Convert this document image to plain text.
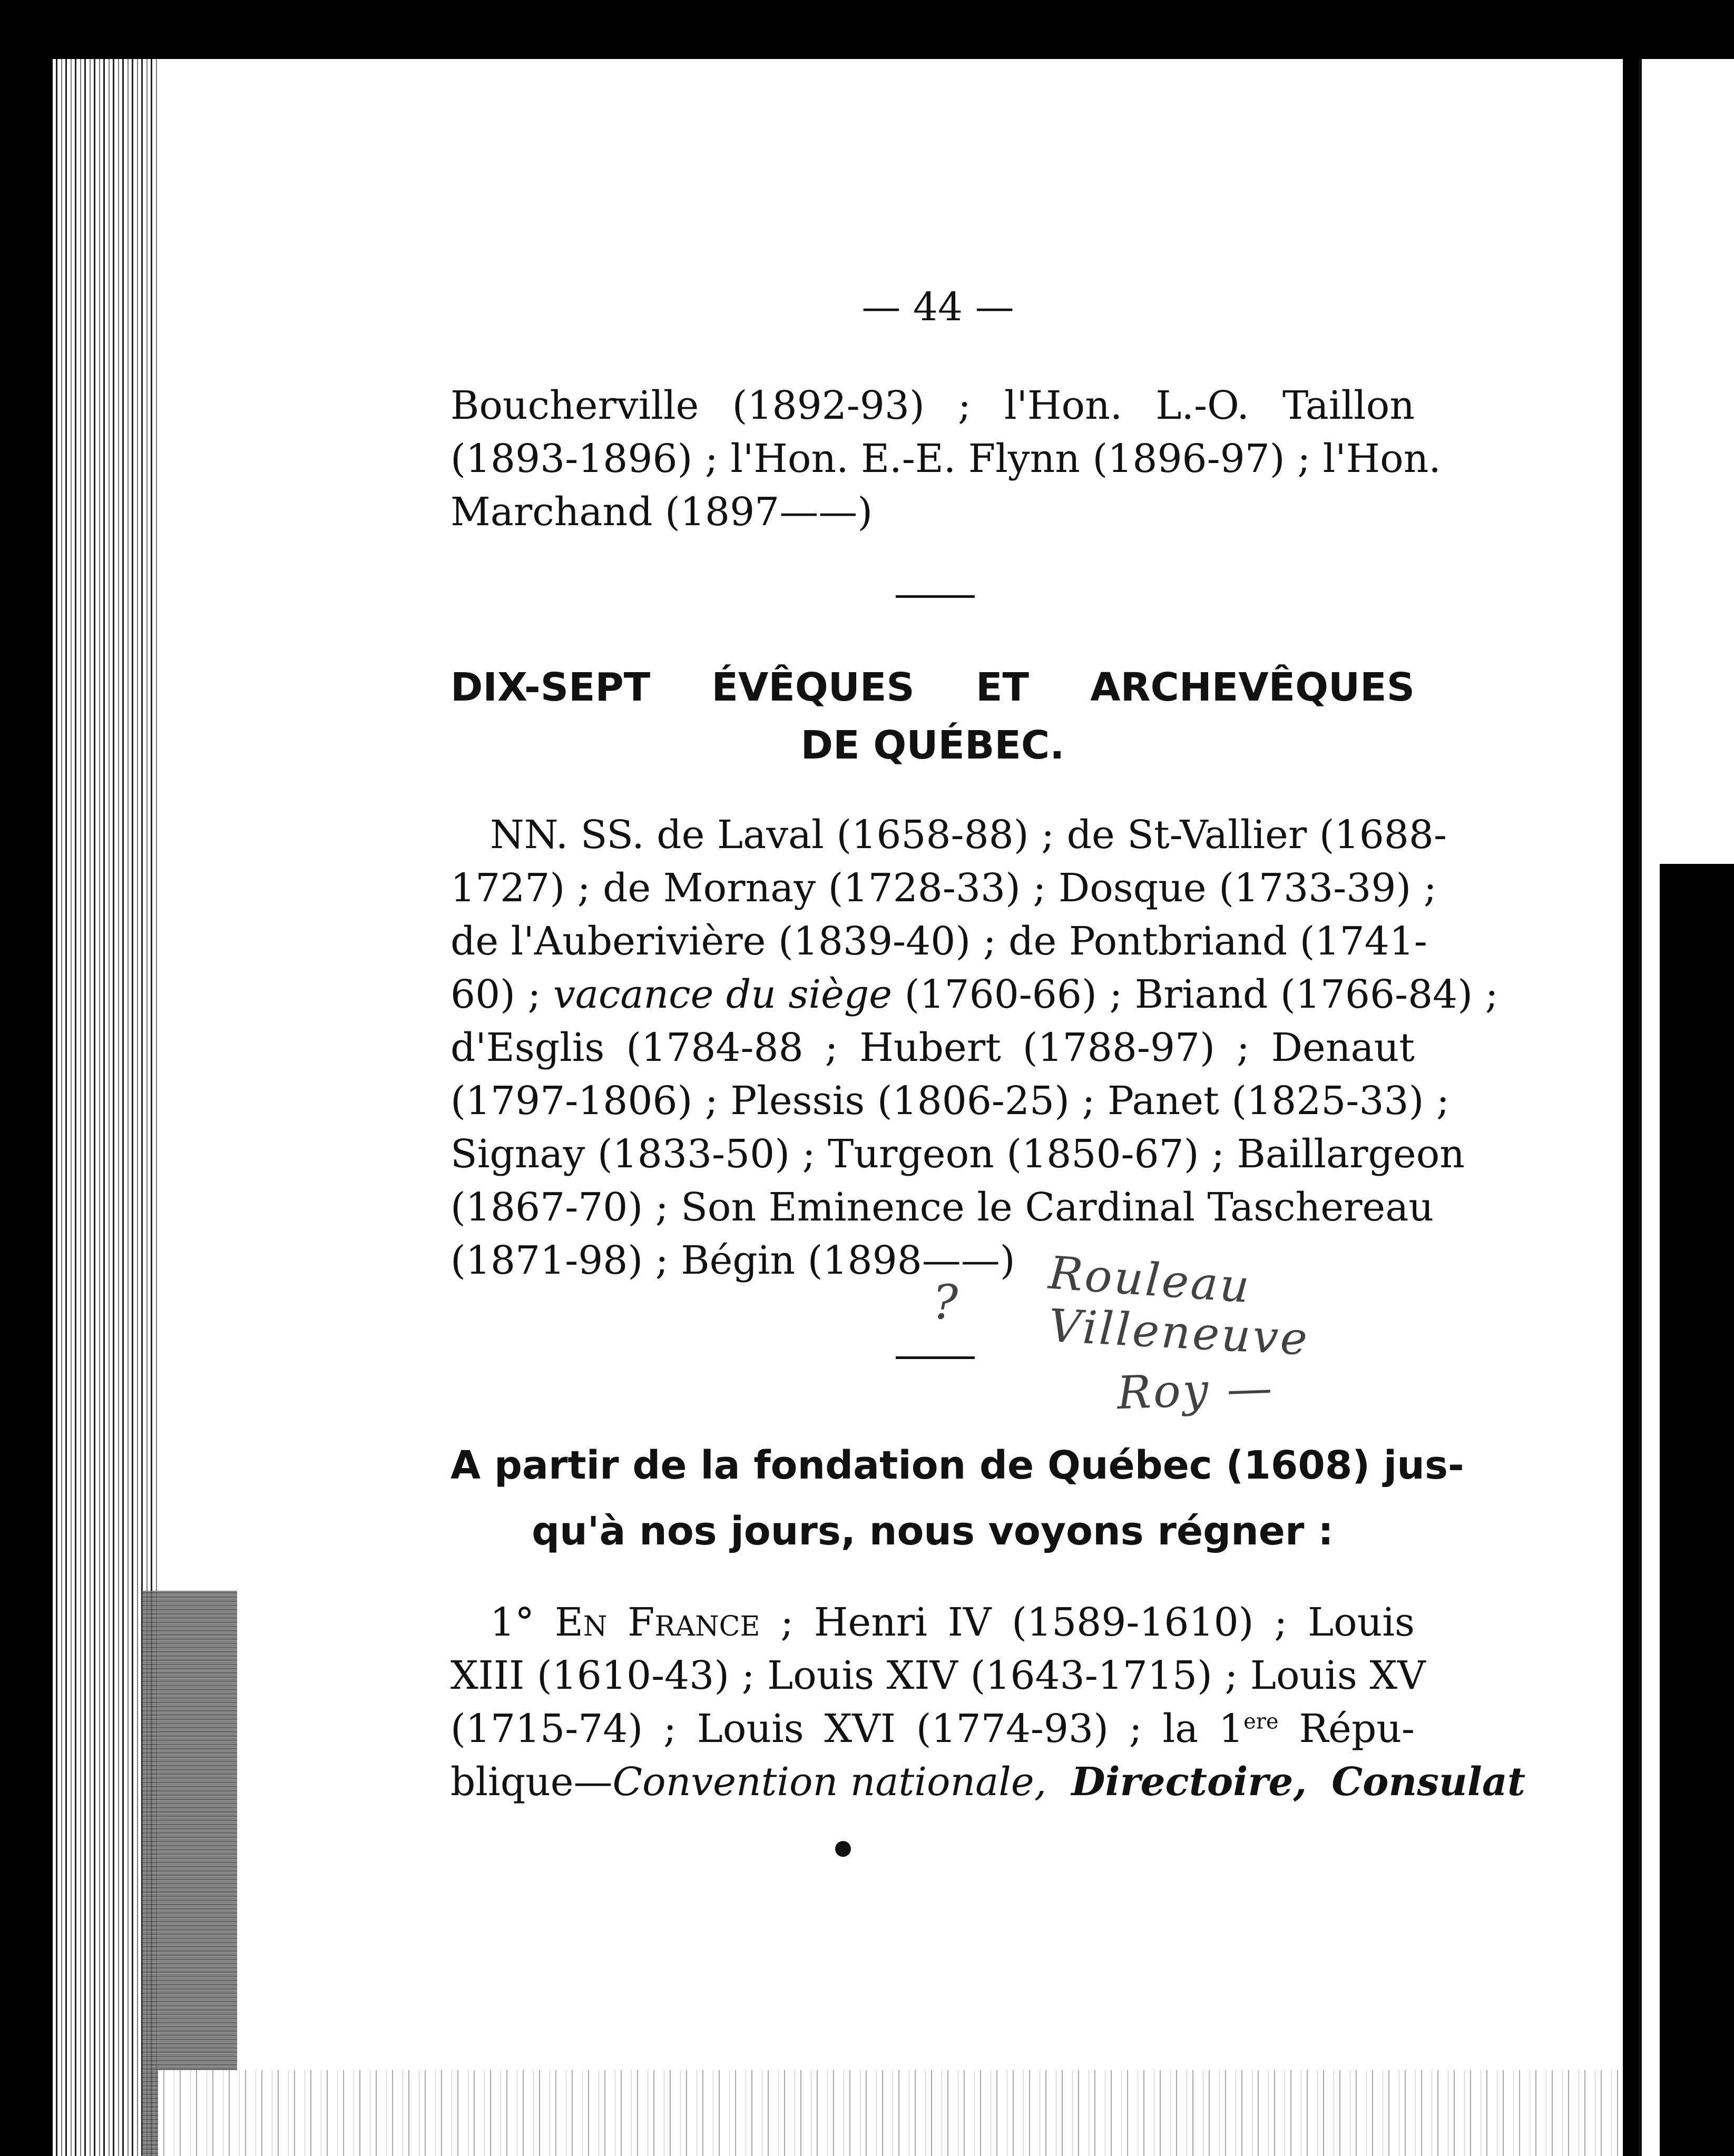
— 44 —

Boucherville (1892-93) ; l'Hon. L.-O. Taillon
(1893-1896) ; l'Hon. E.-E. Flynn (1896-97) ; l'Hon.
Marchand (1897——)

DIX-SEPT ÉVÊQUES ET ARCHEVÊQUES
DE QUÉBEC.

NN. SS. de Laval (1658-88) ; de St-Vallier (1688-

1727) ; de Mornay (1728-33) ; Dosque (1733-39) ;
de l'Auberivière (1839-40) ; de Pontbriand (1741-
60) ; vacance du siège (1760-66) ; Briand (1766-84) ;
d'Esglis (1784-88 ; Hubert (1788-97) ; Denaut
(1797-1806) ; Plessis (1806-25) ; Panet (1825-33) ;
Signay (1833-50) ; Turgeon (1850-67) ; Baillargeon
(1867-70) ; Son Eminence le Cardinal Taschereau
(1871-98) ; Bégin (1898——)

? Rouleau
Villeneuve
Roy —

A partir de la fondation de Québec (1608) jus-
qu'à nos jours, nous voyons régner :

1° En France ; Henri IV (1589-1610) ; Louis
XIII (1610-43) ; Louis XIV (1643-1715) ; Louis XV
(1715-74) ; Louis XVI (1774-93) ; la 1ere Répu-
blique—Convention nationale, Directoire, Consulat
